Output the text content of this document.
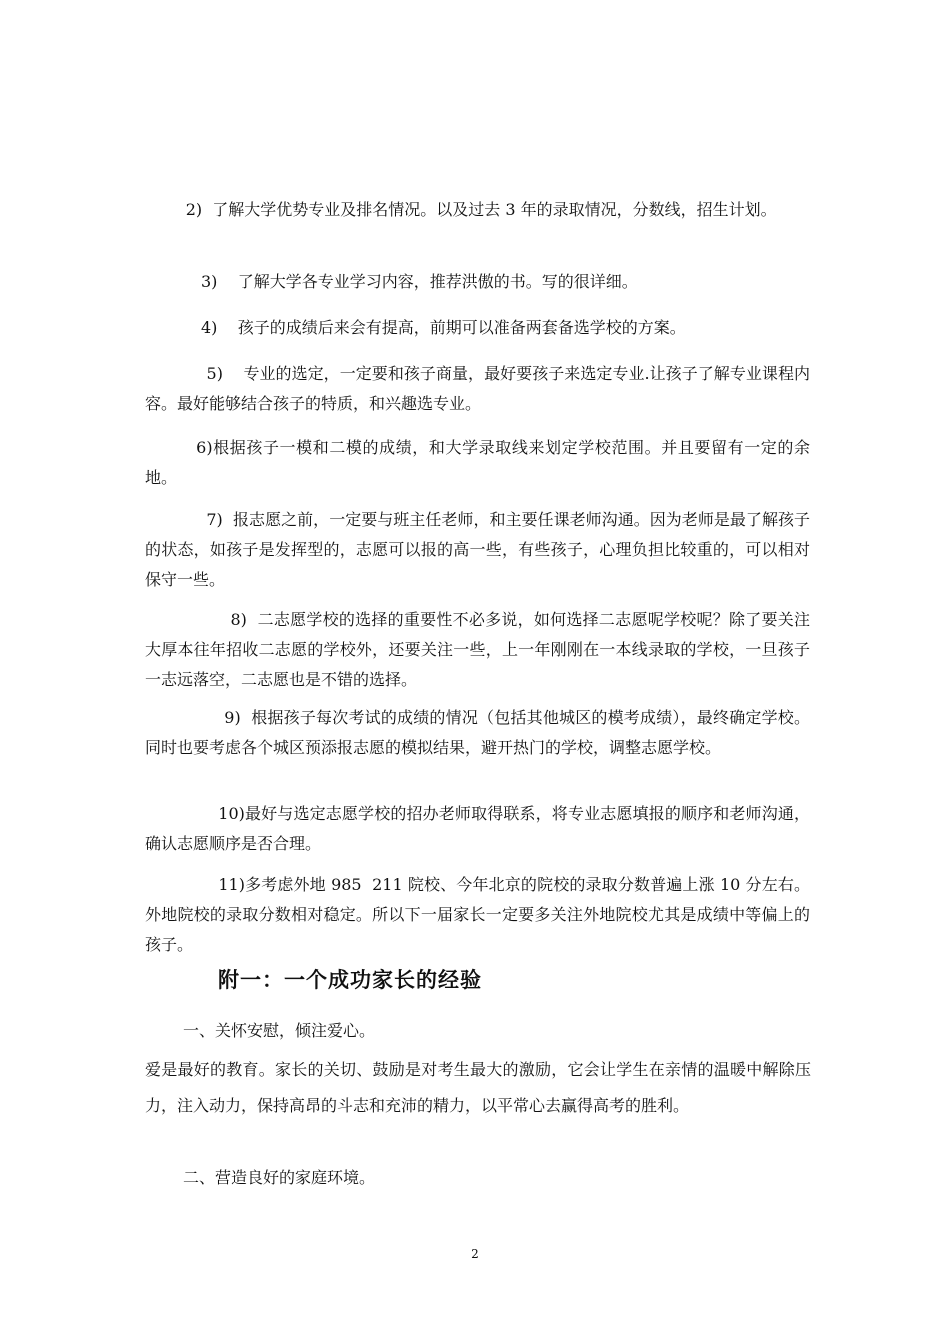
2)  了解大学优势专业及排名情况。以及过去 3 年的录取情况，分数线，招生计划。

3)    了解大学各专业学习内容，推荐洪傲的书。写的很详细。

4)    孩子的成绩后来会有提高，前期可以准备两套备选学校的方案。

5)    专业的选定，一定要和孩子商量，最好要孩子来选定专业.让孩子了解专业课程内容。最好能够结合孩子的特质，和兴趣选专业。

6)根据孩子一模和二模的成绩，和大学录取线来划定学校范围。并且要留有一定的余地。

7)  报志愿之前，一定要与班主任老师，和主要任课老师沟通。因为老师是最了解孩子的状态，如孩子是发挥型的，志愿可以报的高一些，有些孩子，心理负担比较重的，可以相对保守一些。

8)  二志愿学校的选择的重要性不必多说，如何选择二志愿呢学校呢？除了要关注大厚本往年招收二志愿的学校外，还要关注一些，上一年刚刚在一本线录取的学校，一旦孩子一志远落空，二志愿也是不错的选择。

9)  根据孩子每次考试的成绩的情况（包括其他城区的模考成绩），最终确定学校。同时也要考虑各个城区预添报志愿的模拟结果，避开热门的学校，调整志愿学校。

10)最好与选定志愿学校的招办老师取得联系，将专业志愿填报的顺序和老师沟通，确认志愿顺序是否合理。

11)多考虑外地 985  211 院校、今年北京的院校的录取分数普遍上涨 10 分左右。外地院校的录取分数相对稳定。所以下一届家长一定要多关注外地院校尤其是成绩中等偏上的孩子。

附一：一个成功家长的经验

一、关怀安慰，倾注爱心。

爱是最好的教育。家长的关切、鼓励是对考生最大的激励，它会让学生在亲情的温暖中解除压力，注入动力，保持高昂的斗志和充沛的精力，以平常心去赢得高考的胜利。

二、营造良好的家庭环境。

2
